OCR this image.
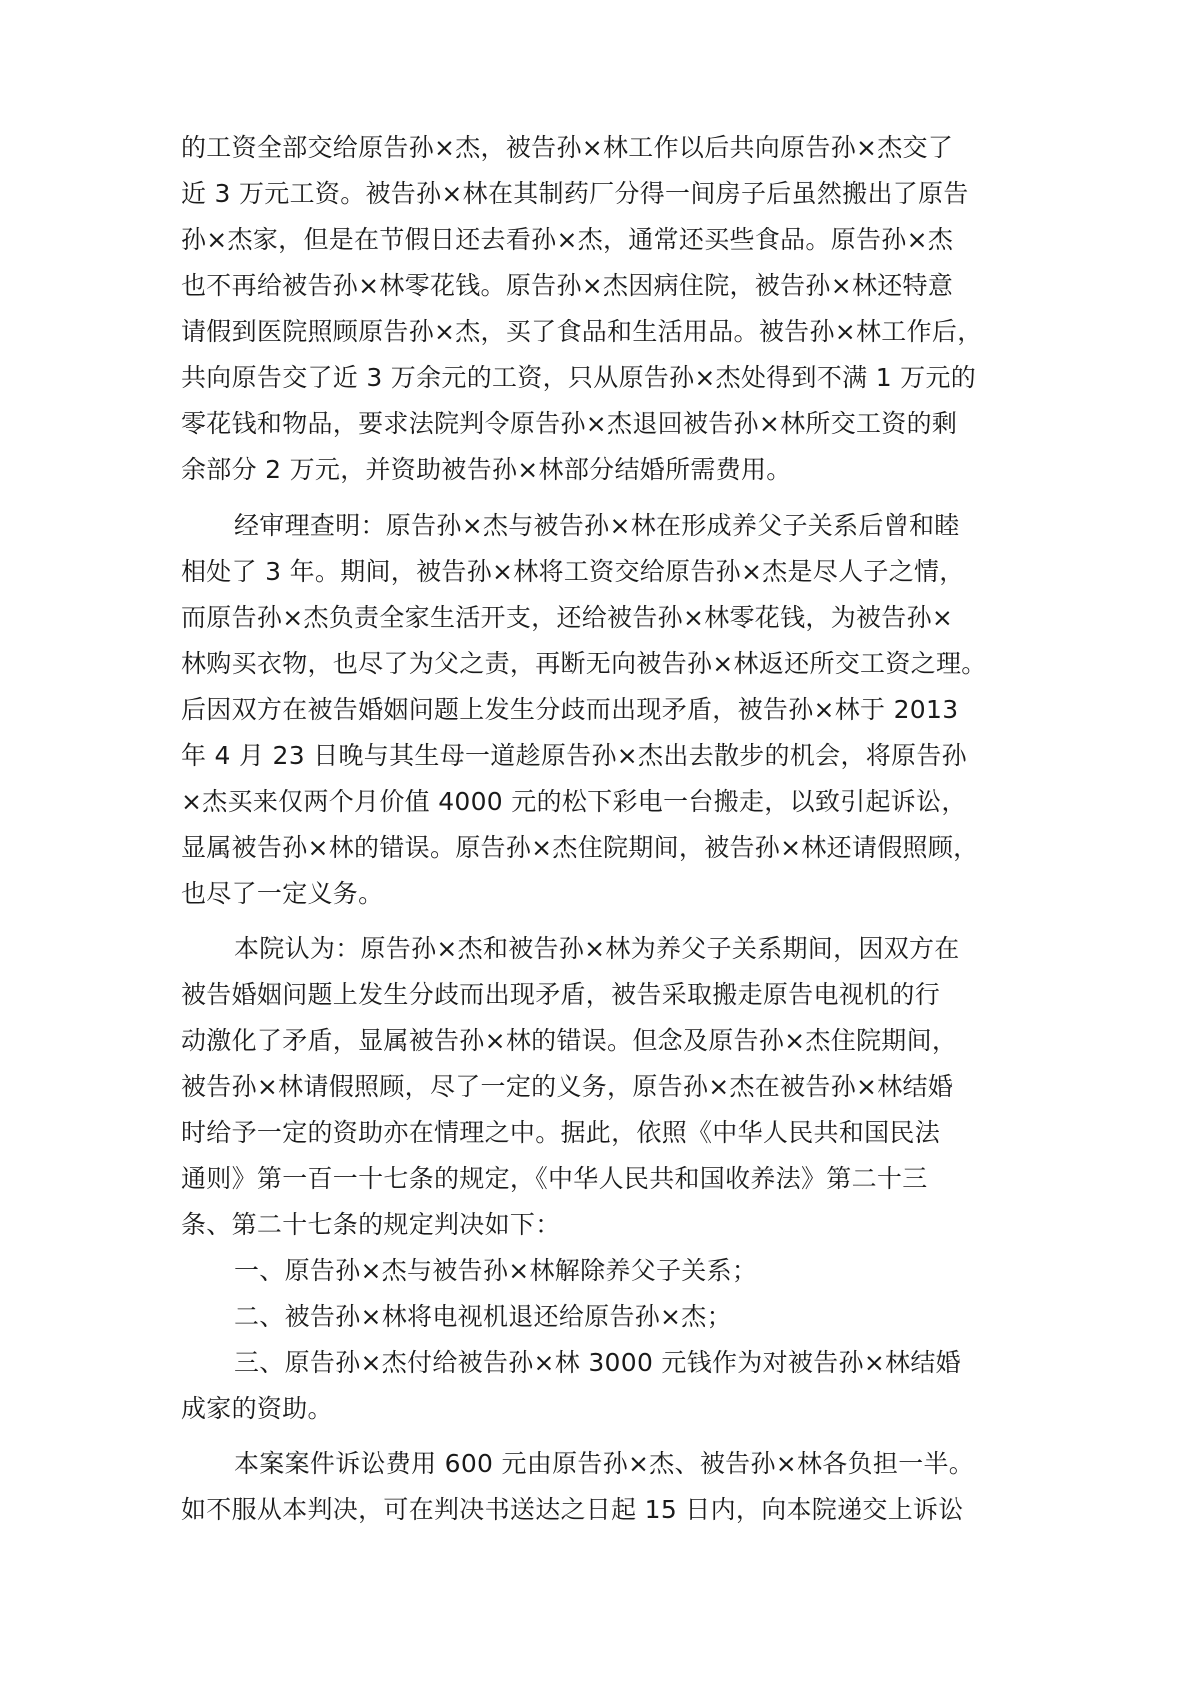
的工资全部交给原告孙×杰，被告孙×林工作以后共向原告孙×杰交了
近 3 万元工资。被告孙×林在其制药厂分得一间房子后虽然搬出了原告
孙×杰家，但是在节假日还去看孙×杰，通常还买些食品。原告孙×杰
也不再给被告孙×林零花钱。原告孙×杰因病住院，被告孙×林还特意
请假到医院照顾原告孙×杰，买了食品和生活用品。被告孙×林工作后，
共向原告交了近 3 万余元的工资，只从原告孙×杰处得到不满 1 万元的
零花钱和物品，要求法院判令原告孙×杰退回被告孙×林所交工资的剩
余部分 2 万元，并资助被告孙×林部分结婚所需费用。
经审理查明：原告孙×杰与被告孙×林在形成养父子关系后曾和睦
相处了 3 年。期间，被告孙×林将工资交给原告孙×杰是尽人子之情，
而原告孙×杰负责全家生活开支，还给被告孙×林零花钱，为被告孙×
林购买衣物，也尽了为父之责，再断无向被告孙×林返还所交工资之理。
后因双方在被告婚姻问题上发生分歧而出现矛盾，被告孙×林于 2013
年 4 月 23 日晚与其生母一道趁原告孙×杰出去散步的机会，将原告孙
×杰买来仅两个月价值 4000 元的松下彩电一台搬走，以致引起诉讼，
显属被告孙×林的错误。原告孙×杰住院期间，被告孙×林还请假照顾，
也尽了一定义务。
本院认为：原告孙×杰和被告孙×林为养父子关系期间，因双方在
被告婚姻问题上发生分歧而出现矛盾，被告采取搬走原告电视机的行
动激化了矛盾，显属被告孙×林的错误。但念及原告孙×杰住院期间，
被告孙×林请假照顾，尽了一定的义务，原告孙×杰在被告孙×林结婚
时给予一定的资助亦在情理之中。据此，依照《中华人民共和国民法
通则》第一百一十七条的规定，《中华人民共和国收养法》第二十三
条、第二十七条的规定判决如下：
一、原告孙×杰与被告孙×林解除养父子关系；
二、被告孙×林将电视机退还给原告孙×杰；
三、原告孙×杰付给被告孙×林 3000 元钱作为对被告孙×林结婚
成家的资助。
本案案件诉讼费用 600 元由原告孙×杰、被告孙×林各负担一半。
如不服从本判决，可在判决书送达之日起 15 日内，向本院递交上诉讼
